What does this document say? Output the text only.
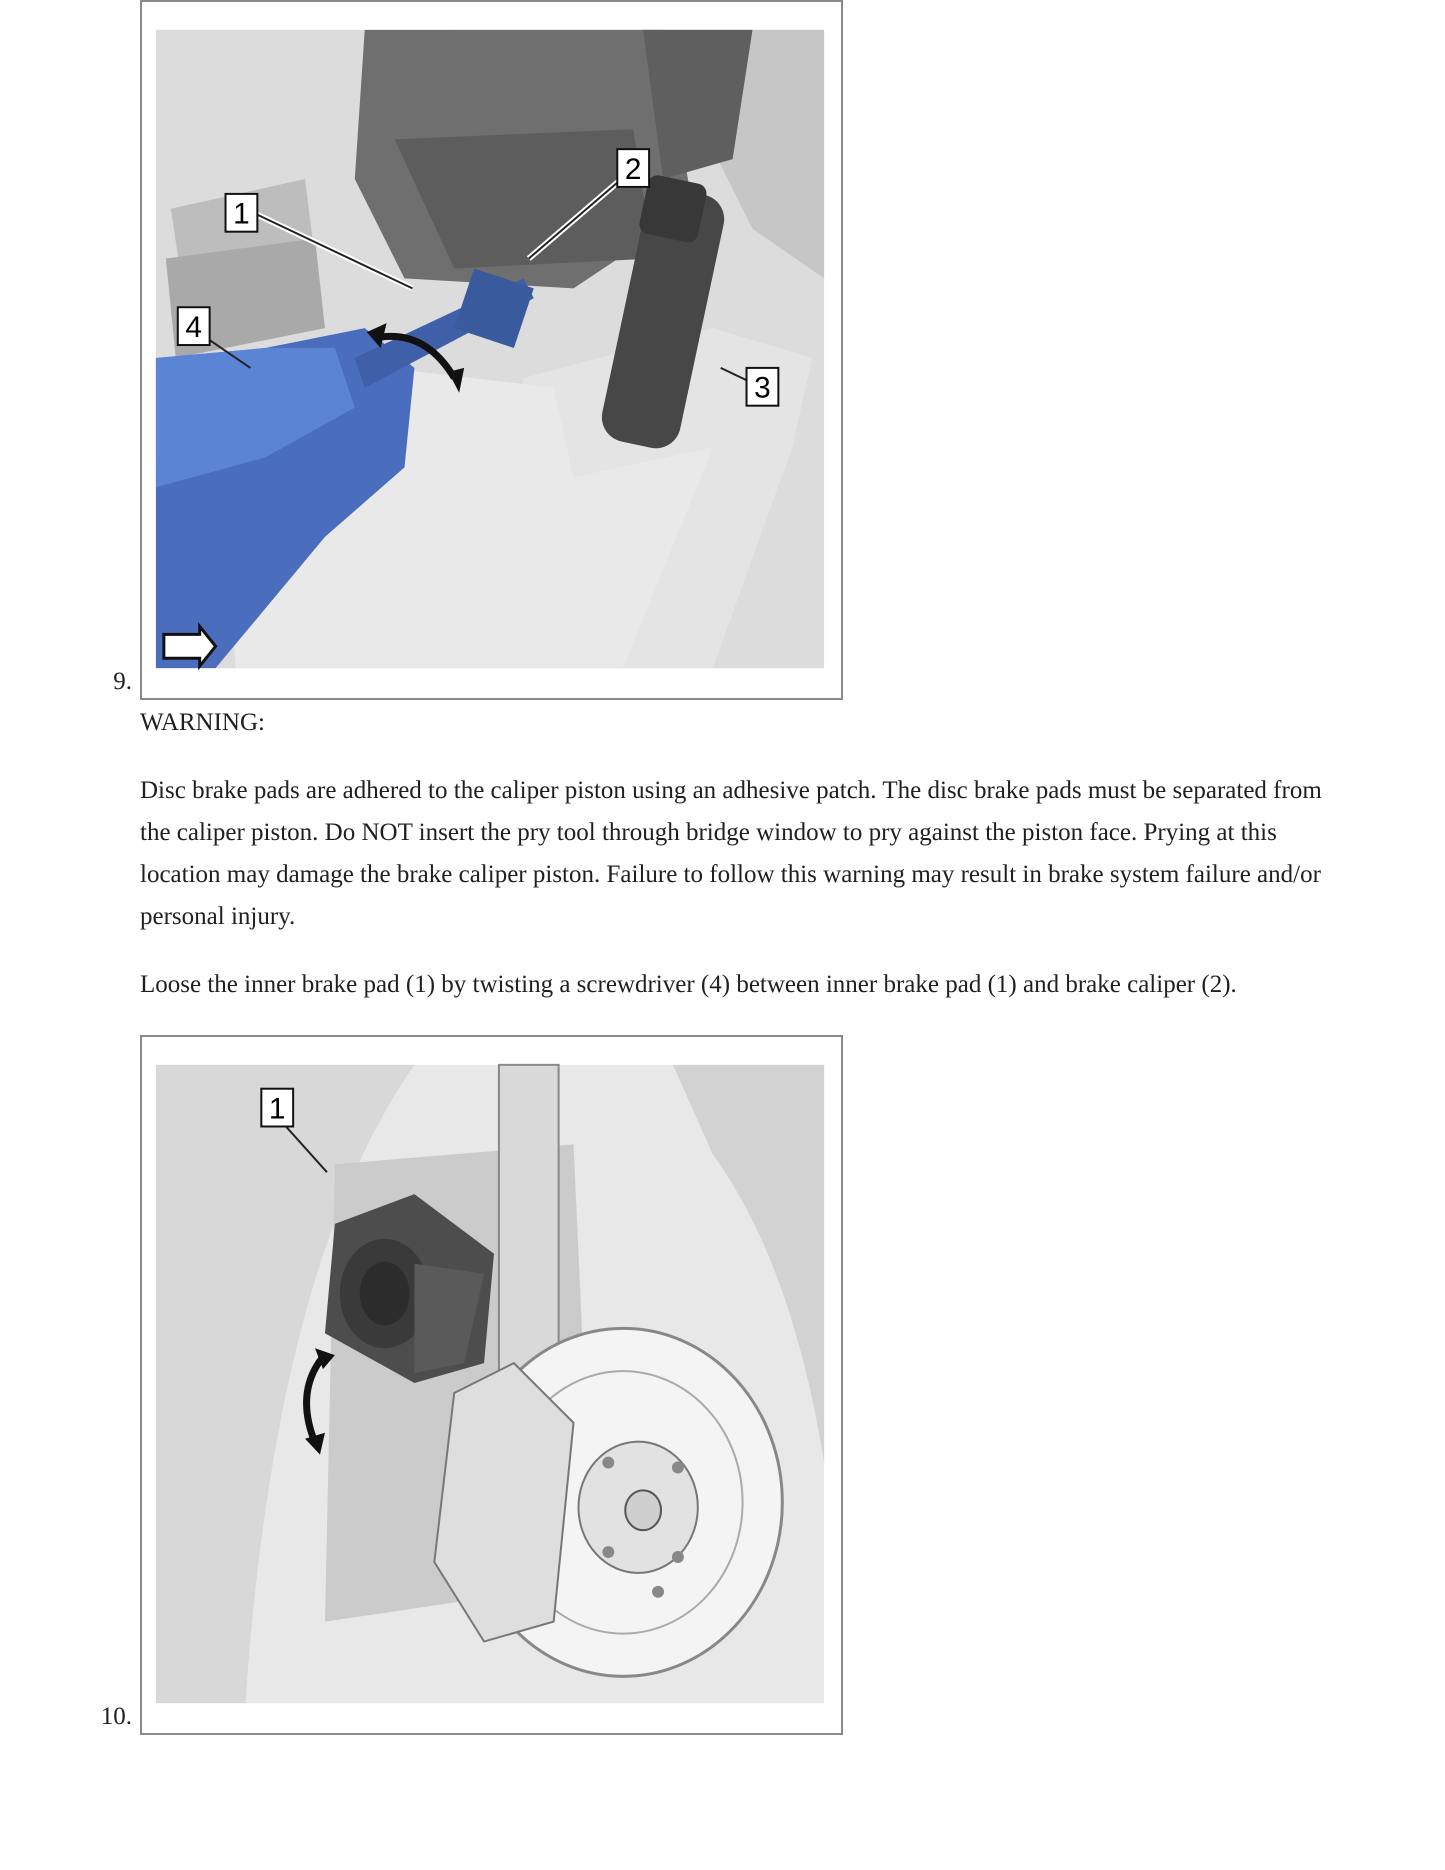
1
2
3
4
9.

WARNING:

Disc brake pads are adhered to the caliper piston using an adhesive patch. The disc brake pads must be separated from the caliper piston. Do NOT insert the pry tool through bridge window to pry against the piston face. Prying at this location may damage the brake caliper piston. Failure to follow this warning may result in brake system failure and/or personal injury.

Loose the inner brake pad (1) by twisting a screwdriver (4) between inner brake pad (1) and brake caliper (2).

1
10.
